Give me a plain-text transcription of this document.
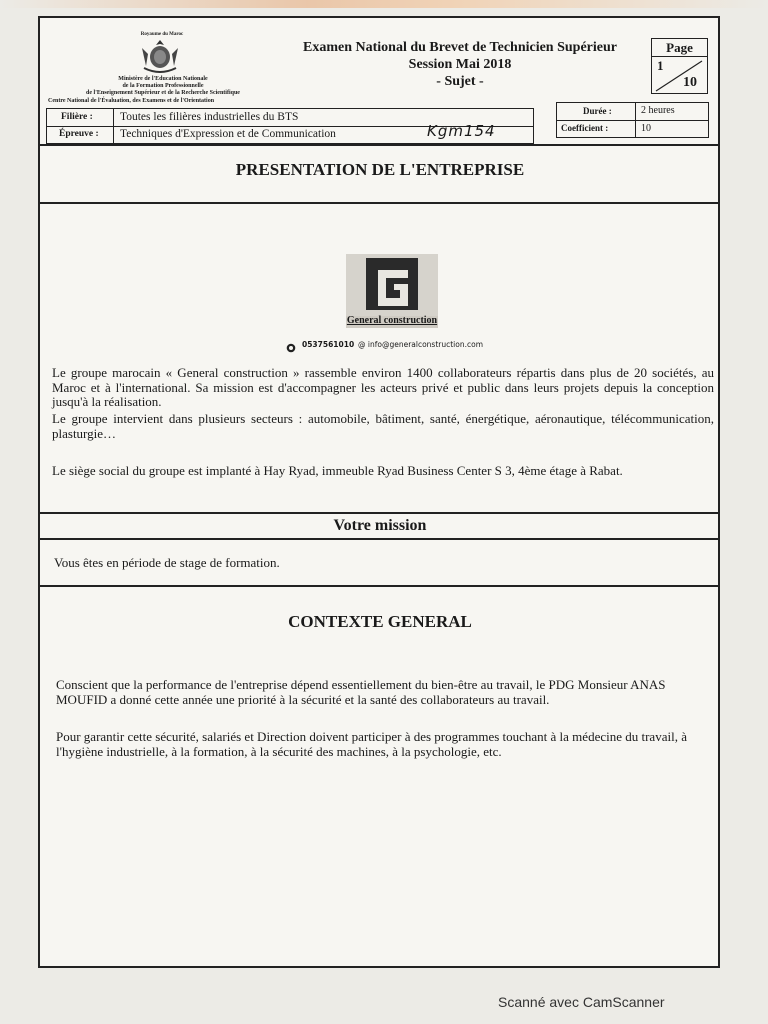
Royaume du Maroc
Ministère de l'Education Nationale
de la Formation Professionnelle
de l'Enseignement Supérieur et de la Recherche Scientifique
Centre National de l'Évaluation, des Examens et de l'Orientation
Examen National du Brevet de Technicien Supérieur
Session Mai 2018
- Sujet -
Page
1
10
Filière : Toutes les filières industrielles du BTS
Épreuve : Techniques d'Expression et de Communication	Kgm154
Durée :	2 heures
Coefficient :	10
PRESENTATION DE L'ENTREPRISE
General construction
0537561010 @ info@generalconstruction.com
Le groupe marocain « General construction » rassemble environ 1400 collaborateurs répartis dans plus de 20 sociétés, au Maroc et à l'international. Sa mission est d'accompagner les acteurs privé et public dans leurs projets depuis la conception jusqu'à la réalisation.
Le groupe intervient dans plusieurs secteurs : automobile, bâtiment, santé, énergétique, aéronautique, télécommunication, plasturgie…
Le siège social du groupe est implanté à Hay Ryad, immeuble Ryad Business Center S 3, 4ème étage à Rabat.
Votre mission
Vous êtes en période de stage de formation.
CONTEXTE GENERAL
Conscient que la performance de l'entreprise dépend essentiellement du bien-être au travail, le PDG Monsieur ANAS MOUFID a donné cette année une priorité à la sécurité et la santé des collaborateurs au travail.
Pour garantir cette sécurité, salariés et Direction doivent participer à des programmes touchant à la médecine du travail, à l'hygiène industrielle, à la formation, à la sécurité des machines, à la psychologie, etc.
Scanné avec CamScanner
